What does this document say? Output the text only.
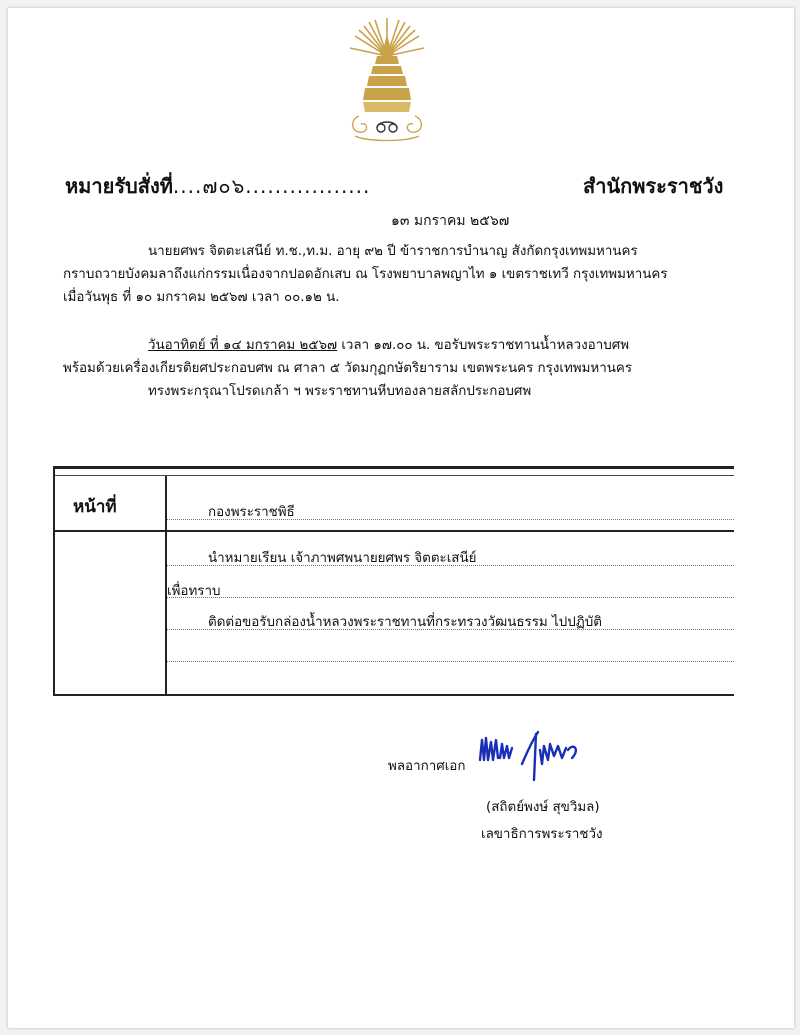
หมายรับสั่งที่....๗๐๖.................	สำนักพระราชวัง
๑๓ มกราคม ๒๕๖๗
นายยศพร จิตตะเสนีย์ ท.ช.,ท.ม. อายุ ๙๒ ปี ข้าราชการบำนาญ สังกัดกรุงเทพมหานคร
กราบถวายบังคมลาถึงแก่กรรมเนื่องจากปอดอักเสบ ณ โรงพยาบาลพญาไท ๑ เขตราชเทวี กรุงเทพมหานคร
เมื่อวันพุธ ที่ ๑๐ มกราคม ๒๕๖๗ เวลา ๐๐.๑๒ น.
วันอาทิตย์ ที่ ๑๔ มกราคม ๒๕๖๗ เวลา ๑๗.๐๐ น. ขอรับพระราชทานน้ำหลวงอาบศพ
พร้อมด้วยเครื่องเกียรติยศประกอบศพ ณ ศาลา ๕ วัดมกุฏกษัตริยาราม เขตพระนคร กรุงเทพมหานคร
ทรงพระกรุณาโปรดเกล้า ฯ พระราชทานหีบทองลายสลักประกอบศพ
หน้าที่	กองพระราชพิธี
นำหมายเรียน เจ้าภาพศพนายยศพร จิตตะเสนีย์
เพื่อทราบ
ติดต่อขอรับกล่องน้ำหลวงพระราชทานที่กระทรวงวัฒนธรรม ไปปฏิบัติ
พลอากาศเอก
(สถิตย์พงษ์ สุขวิมล)
เลขาธิการพระราชวัง
